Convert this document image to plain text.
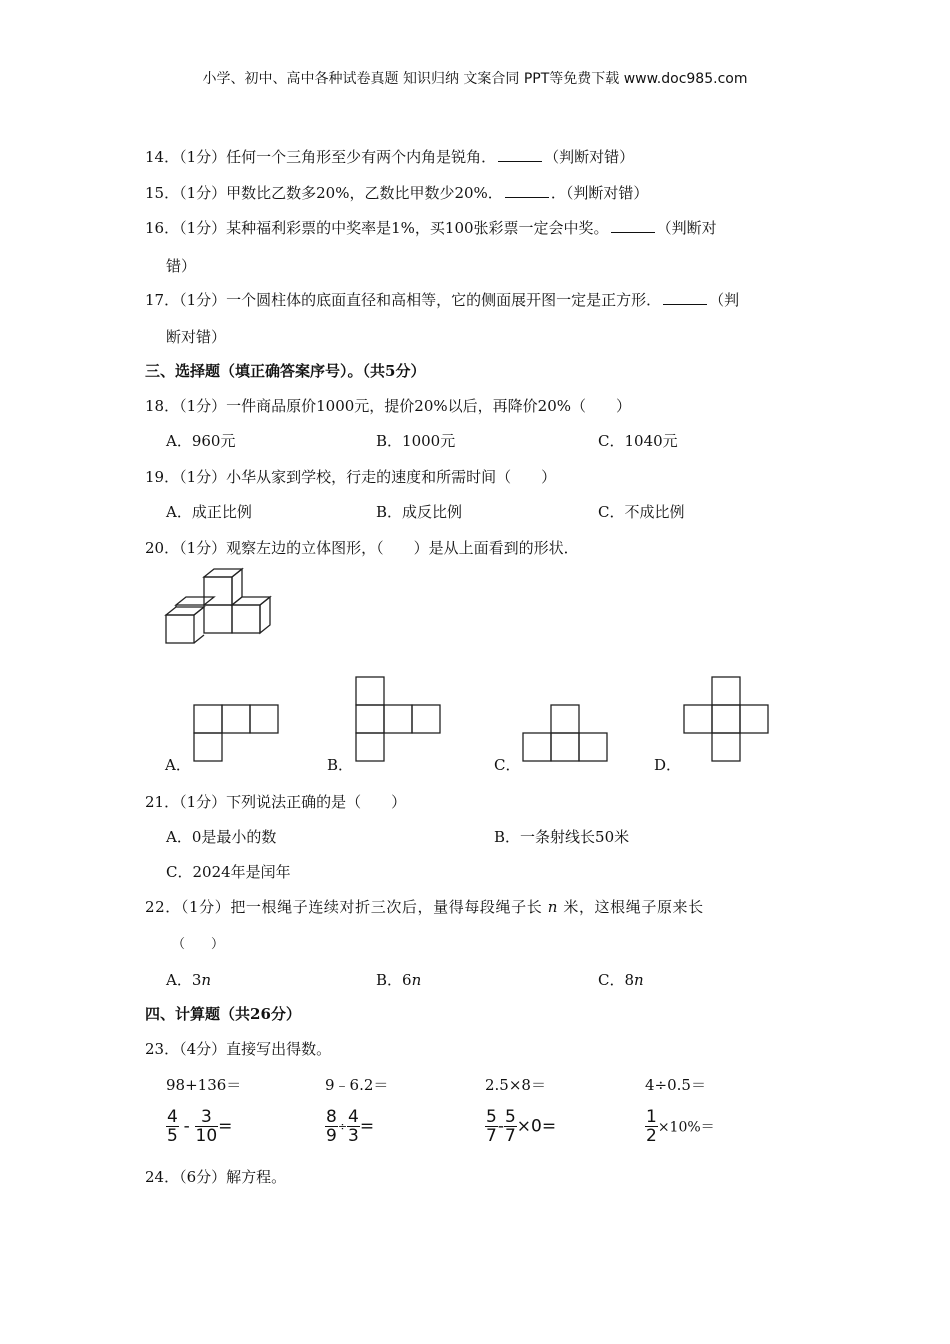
小学、初中、高中各种试卷真题 知识归纳 文案合同 PPT等免费下载 www.doc985.com
14．（1分）任何一个三角形至少有两个内角是锐角．	（判断对错）
15．（1分）甲数比乙数多20%，乙数比甲数少20%．	．（判断对错）
16．（1分）某种福利彩票的中奖率是1%，买100张彩票一定会中奖。	（判断对
错）
17．（1分）一个圆柱体的底面直径和高相等，它的侧面展开图一定是正方形．	（判
断对错）
三、选择题（填正确答案序号）。（共5分）
18．（1分）一件商品原价1000元，提价20%以后，再降价20%（　　）
A．960元	B．1000元	C．1040元
19．（1分）小华从家到学校，行走的速度和所需时间（　　）
A．成正比例	B．成反比例	C．不成比例
20．（1分）观察左边的立体图形，（　　）是从上面看到的形状．
A．	B．	C．	D．
21．（1分）下列说法正确的是（　　）
A．0是最小的数	B．一条射线长50米
C．2024年是闰年
22．（1分）把一根绳子连续对折三次后，量得每段绳子长 n 米，这根绳子原来长
（　　）
A．3n	B．6n	C．8n
四、计算题（共26分）
23．（4分）直接写出得数。
98+136＝	9﹣6.2＝	2.5×8＝	4÷0.5＝
$\frac{4}{5} - \frac{3}{10}$ =	$\frac{8}{9} \div \frac{4}{3}$ =	$\frac{5}{7} - \frac{5}{7} \times 0=$	$\frac{1}{2} \times 10\%=$
24．（6分）解方程。
